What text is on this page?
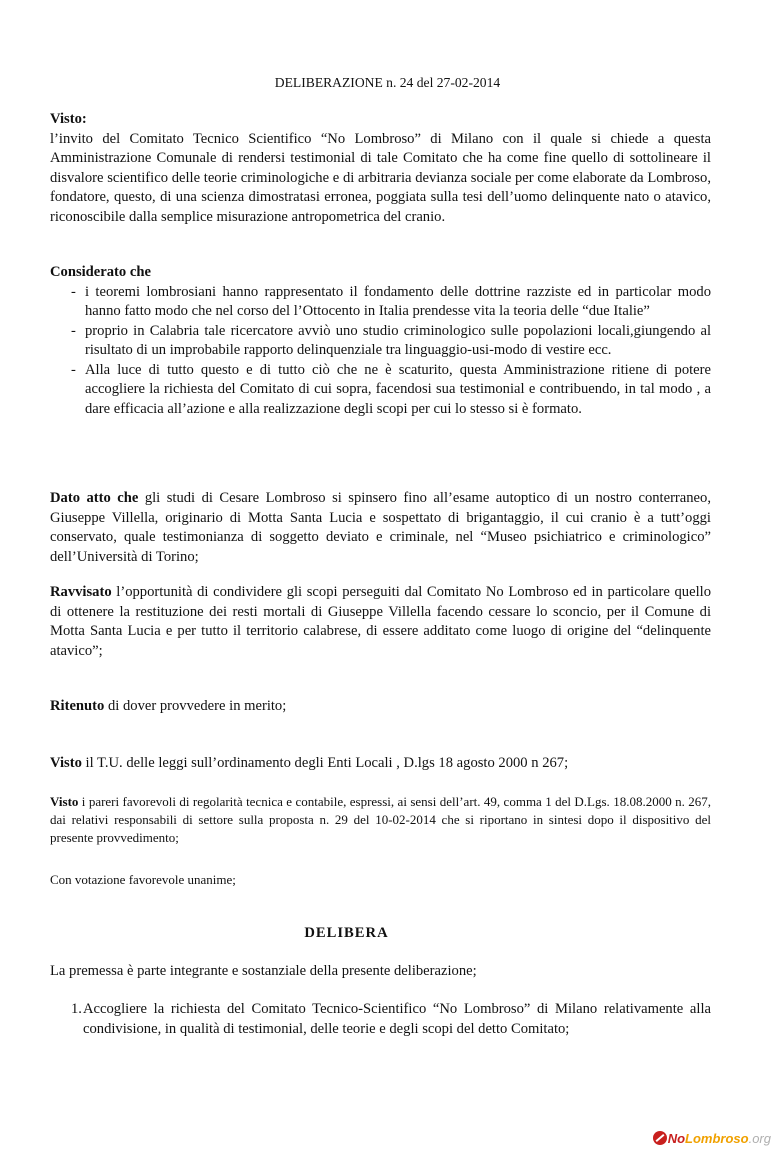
DELIBERAZIONE n. 24 del 27-02-2014

Visto:

l’invito del Comitato Tecnico Scientifico “No Lombroso” di Milano con il quale si chiede a questa Amministrazione Comunale di rendersi testimonial di tale Comitato che ha come fine quello di sottolineare il disvalore scientifico delle teorie criminologiche e di arbitraria devianza sociale per come elaborate da Lombroso, fondatore, questo, di una scienza dimostratasi erronea, poggiata sulla tesi dell’uomo delinquente nato o atavico, riconoscibile dalla semplice misurazione antropometrica del cranio.

Considerato che

- i teoremi lombrosiani hanno rappresentato il fondamento delle dottrine razziste ed in particolar modo hanno fatto modo che nel corso del l’Ottocento in Italia prendesse vita la teoria delle “due Italie”
- proprio in Calabria tale ricercatore avviò uno studio criminologico sulle popolazioni locali,giungendo al risultato di un improbabile rapporto delinquenziale tra linguaggio-usi-modo di vestire ecc.
- Alla luce di tutto questo e di tutto ciò che ne è scaturito, questa Amministrazione ritiene di potere accogliere la richiesta del Comitato di cui sopra, facendosi sua testimonial e contribuendo, in tal modo , a dare efficacia all’azione e alla realizzazione degli scopi per cui lo stesso si è formato.

Dato atto che gli studi di Cesare Lombroso si spinsero fino all’esame autoptico di un nostro conterraneo, Giuseppe Villella, originario di Motta Santa Lucia e sospettato di brigantaggio, il cui cranio è a tutt’oggi conservato, quale testimonianza di soggetto deviato e criminale, nel “Museo psichiatrico e criminologico” dell’Università di Torino;

Ravvisato l’opportunità di condividere gli scopi perseguiti dal Comitato No Lombroso ed in particolare quello di ottenere la restituzione dei resti mortali di Giuseppe Villella facendo cessare lo sconcio, per il Comune di Motta Santa Lucia e per tutto il territorio calabrese, di essere additato come luogo di origine del “delinquente atavico”;

Ritenuto di dover provvedere in merito;

Visto il T.U. delle leggi sull’ordinamento degli Enti Locali , D.lgs 18 agosto 2000 n 267;

Visto i pareri favorevoli di regolarità tecnica e contabile, espressi, ai sensi dell’art. 49, comma 1 del D.Lgs. 18.08.2000 n. 267, dai relativi responsabili di settore sulla proposta n. 29 del 10-02-2014 che si riportano in sintesi dopo il dispositivo del presente provvedimento;

Con votazione favorevole unanime;

DELIBERA

La premessa è parte integrante e sostanziale della presente deliberazione;

1. Accogliere la richiesta del Comitato Tecnico-Scientifico “No Lombroso” di Milano relativamente alla condivisione, in qualità di testimonial, delle teorie e degli scopi del detto Comitato;
No Lombroso .org
